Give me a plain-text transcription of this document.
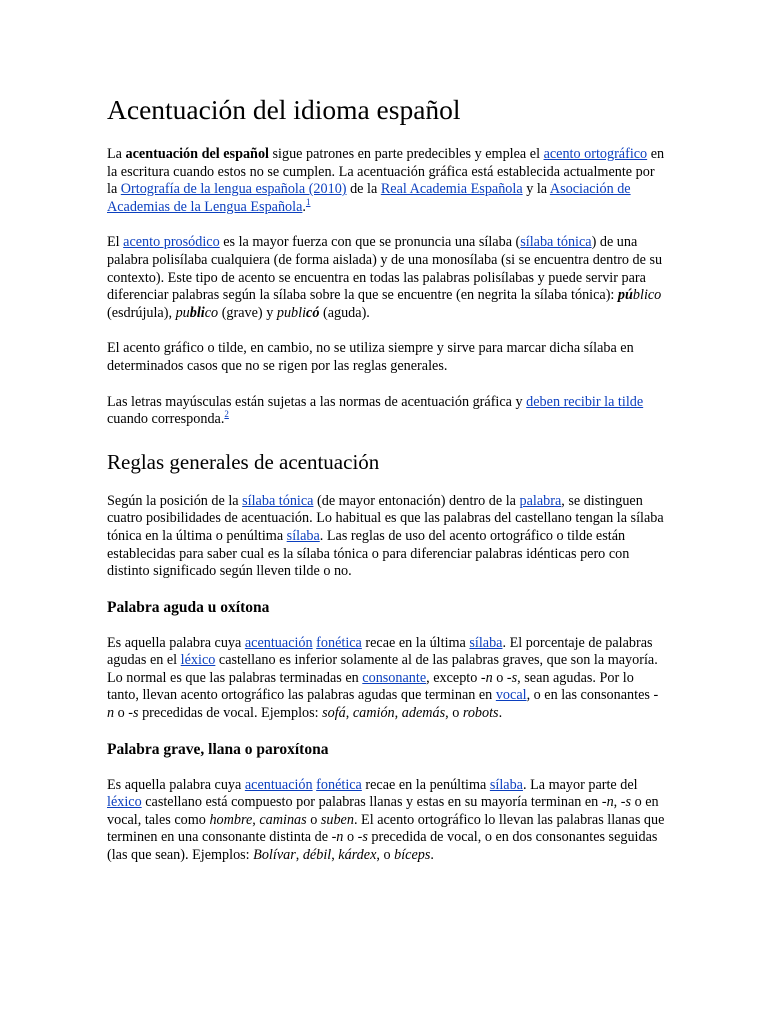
Acentuación del idioma español

La acentuación del español sigue patrones en parte predecibles y emplea el acento ortográfico en la escritura cuando estos no se cumplen. La acentuación gráfica está establecida actualmente por la Ortografía de la lengua española (2010) de la Real Academia Española y la Asociación de Academias de la Lengua Española.$^1$

El acento prosódico es la mayor fuerza con que se pronuncia una sílaba (sílaba tónica) de una palabra polisílaba cualquiera (de forma aislada) y de una monosílaba (si se encuentra dentro de su contexto). Este tipo de acento se encuentra en todas las palabras polisílabas y puede servir para diferenciar palabras según la sílaba sobre la que se encuentre (en negrita la sílaba tónica): público (esdrújula), publico (grave) y publicó (aguda).

El acento gráfico o tilde, en cambio, no se utiliza siempre y sirve para marcar dicha sílaba en determinados casos que no se rigen por las reglas generales.

Las letras mayúsculas están sujetas a las normas de acentuación gráfica y deben recibir la tilde cuando corresponda.$^2$

Reglas generales de acentuación

Según la posición de la sílaba tónica (de mayor entonación) dentro de la palabra, se distinguen cuatro posibilidades de acentuación. Lo habitual es que las palabras del castellano tengan la sílaba tónica en la última o penúltima sílaba. Las reglas de uso del acento ortográfico o tilde están establecidas para saber cual es la sílaba tónica o para diferenciar palabras idénticas pero con distinto significado según lleven tilde o no.

Palabra aguda u oxítona

Es aquella palabra cuya acentuación fonética recae en la última sílaba. El porcentaje de palabras agudas en el léxico castellano es inferior solamente al de las palabras graves, que son la mayoría. Lo normal es que las palabras terminadas en consonante, excepto -n o -s, sean agudas. Por lo tanto, llevan acento ortográfico las palabras agudas que terminan en vocal, o en las consonantes -n o -s precedidas de vocal. Ejemplos: sofá, camión, además, o robots.

Palabra grave, llana o paroxítona

Es aquella palabra cuya acentuación fonética recae en la penúltima sílaba. La mayor parte del léxico castellano está compuesto por palabras llanas y estas en su mayoría terminan en -n, -s o en vocal, tales como hombre, caminas o suben. El acento ortográfico lo llevan las palabras llanas que terminen en una consonante distinta de -n o -s precedida de vocal, o en dos consonantes seguidas (las que sean). Ejemplos: Bolívar, débil, kárdex, o bíceps.
